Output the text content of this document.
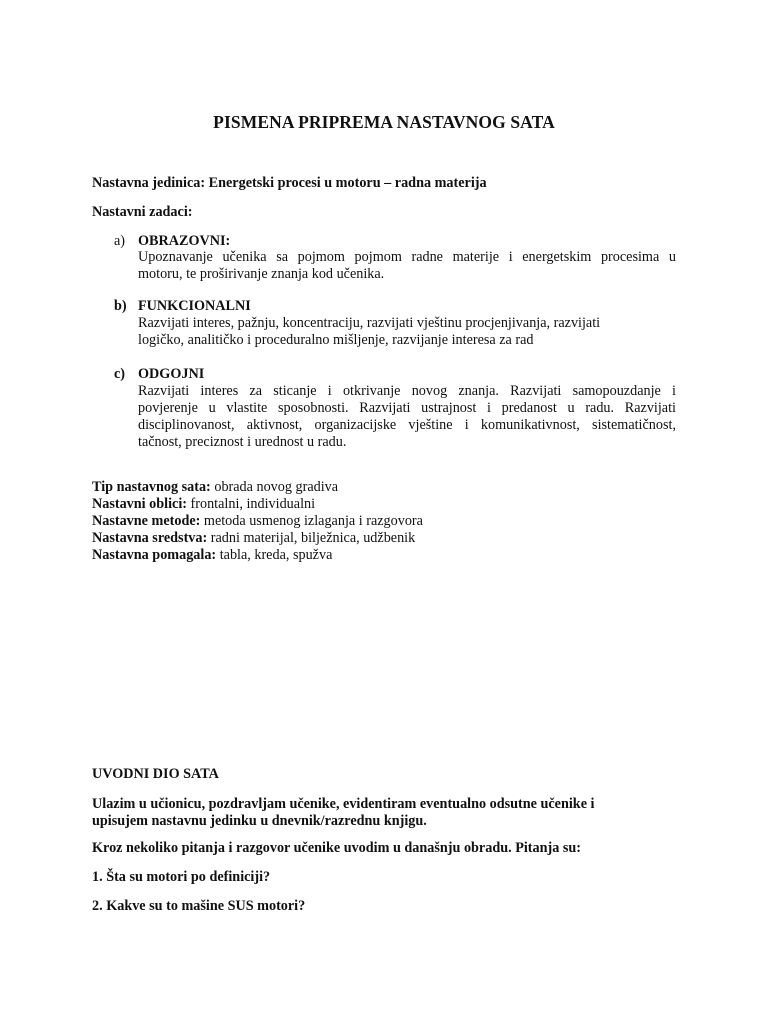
PISMENA PRIPREMA NASTAVNOG SATA
Nastavna jedinica: Energetski procesi u motoru – radna materija
Nastavni zadaci:
a) OBRAZOVNI:
Upoznavanje učenika sa pojmom pojmom radne materije i energetskim procesima u
motoru, te proširivanje znanja kod učenika.
b) FUNKCIONALNI
Razvijati interes, pažnju, koncentraciju, razvijati vještinu procjenjivanja, razvijati
logičko, analitičko i proceduralno mišljenje, razvijanje interesa za rad
c) ODGOJNI
Razvijati interes za sticanje i otkrivanje novog znanja. Razvijati samopouzdanje i
povjerenje u vlastite sposobnosti. Razvijati ustrajnost i predanost u radu. Razvijati
disciplinovanost, aktivnost, organizacijske vještine i komunikativnost, sistematičnost,
tačnost, preciznost i urednost u radu.
Tip nastavnog sata: obrada novog gradiva
Nastavni oblici: frontalni, individualni
Nastavne metode: metoda usmenog izlaganja i razgovora
Nastavna sredstva: radni materijal, bilježnica, udžbenik
Nastavna pomagala: tabla, kreda, spužva
UVODNI DIO SATA
Ulazim u učionicu, pozdravljam učenike, evidentiram eventualno odsutne učenike i
upisujem nastavnu jedinku u dnevnik/razrednu knjigu.
Kroz nekoliko pitanja i razgovor učenike uvodim u današnju obradu. Pitanja su:
1. Šta su motori po definiciji?
2. Kakve su to mašine SUS motori?
